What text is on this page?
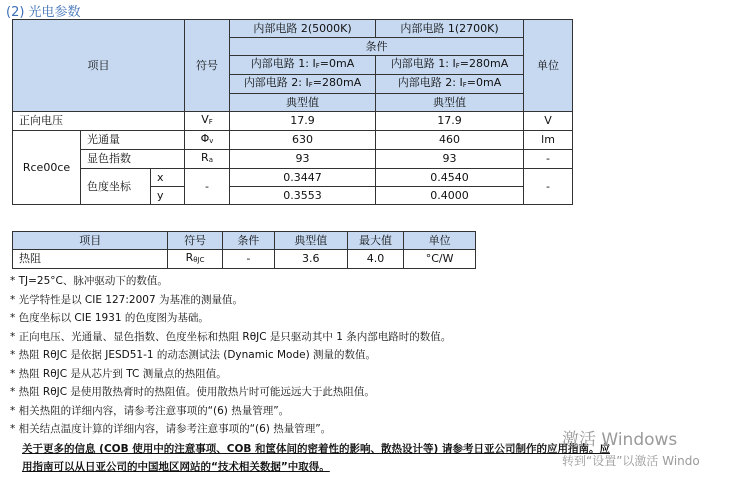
(2) 光电参数
项目			符号	内部电路 2(5000K)	内部电路 1(2700K)	单位
				条件		
				内部电路 1: IF=0mA	内部电路 1: IF=280mA	
				内部电路 2: IF=280mA	内部电路 2: IF=0mA	
				典型值	典型值	
正向电压			VF	17.9	17.9	V
Rce00ce	光通量		Φv	630	460	lm
	显色指数		Ra	93	93	-
	色度坐标	x	-	0.3447	0.4540	-
		y		0.3553	0.4000	
项目	符号	条件	典型值	最大值	单位
热阻	RθJC	-	3.6	4.0	°C/W
* TJ=25°C、脉冲驱动下的数值。
* 光学特性是以 CIE 127:2007 为基准的测量值。
* 色度坐标以 CIE 1931 的色度图为基础。
* 正向电压、光通量、显色指数、色度坐标和热阻 RθJC 是只驱动其中 1 条内部电路时的数值。
* 热阻 RθJC 是依据 JESD51-1 的动态测试法 (Dynamic Mode) 测量的数值。
* 热阻 RθJC 是从芯片到 TC 测量点的热阻值。
* 热阻 RθJC 是使用散热膏时的热阻值。使用散热片时可能远远大于此热阻值。
* 相关热阻的详细内容，请参考注意事项的“(6) 热量管理”。
* 相关结点温度计算的详细内容，请参考注意事项的“(6) 热量管理”。
关于更多的信息 (COB 使用中的注意事项、COB 和筐体间的密着性的影响、散热设计等) 请参考日亚公司制作的应用指南。应
用指南可以从日亚公司的中国地区网站的“技术相关数据”中取得。
激活 Windows
转到“设置”以激活 Windo
